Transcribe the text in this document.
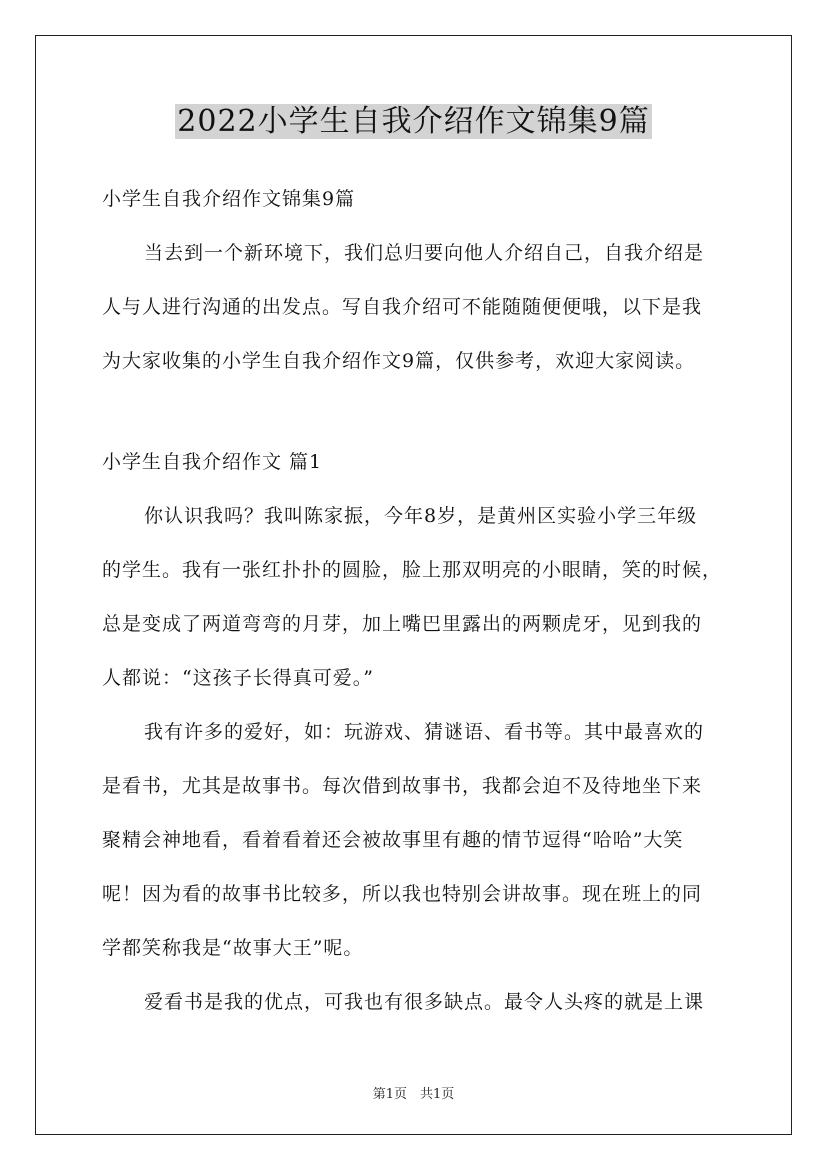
2022小学生自我介绍作文锦集9篇

小学生自我介绍作文锦集9篇

当去到一个新环境下，我们总归要向他人介绍自己，自我介绍是

人与人进行沟通的出发点。写自我介绍可不能随随便便哦，以下是我

为大家收集的小学生自我介绍作文9篇，仅供参考，欢迎大家阅读。

小学生自我介绍作文 篇1

你认识我吗？我叫陈家振，今年8岁，是黄州区实验小学三年级

的学生。我有一张红扑扑的圆脸，脸上那双明亮的小眼睛，笑的时候，

总是变成了两道弯弯的月芽，加上嘴巴里露出的两颗虎牙，见到我的

人都说：“这孩子长得真可爱。”

我有许多的爱好，如：玩游戏、猜谜语、看书等。其中最喜欢的

是看书，尤其是故事书。每次借到故事书，我都会迫不及待地坐下来

聚精会神地看，看着看着还会被故事里有趣的情节逗得“哈哈”大笑

呢！因为看的故事书比较多，所以我也特别会讲故事。现在班上的同

学都笑称我是“故事大王”呢。

爱看书是我的优点，可我也有很多缺点。最令人头疼的就是上课

第1页　共1页
